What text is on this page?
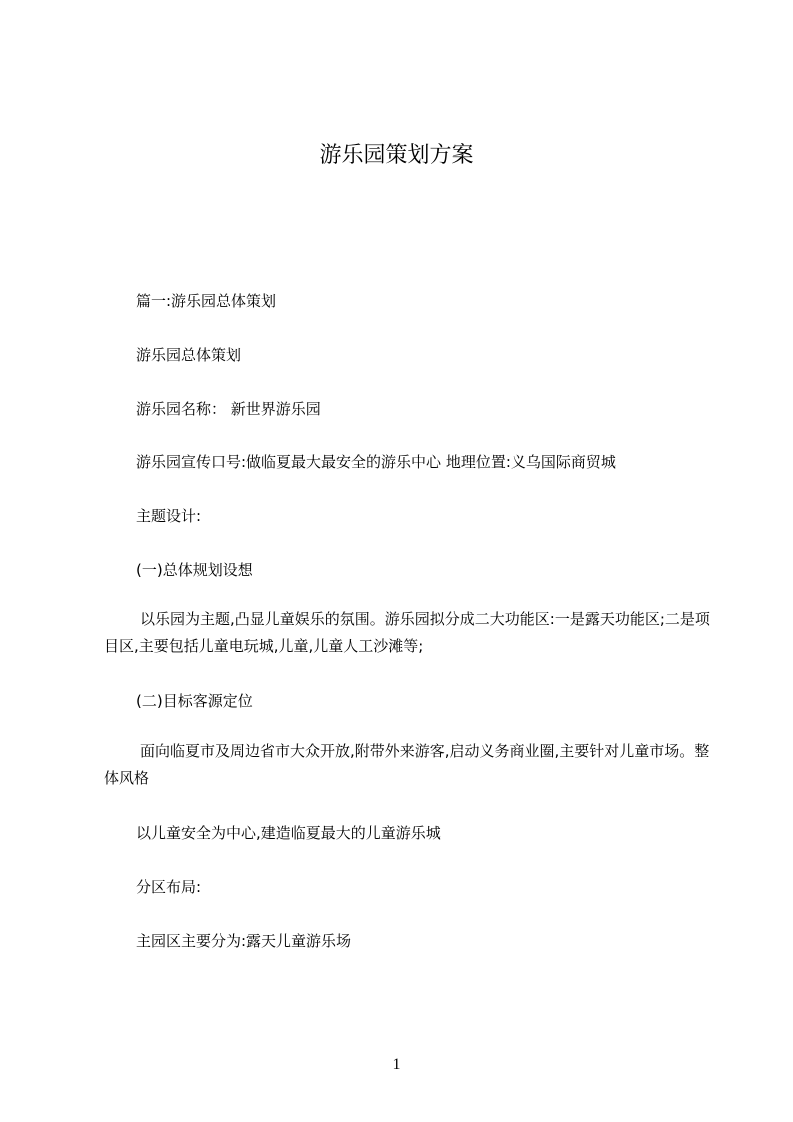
游乐园策划方案
篇一:游乐园总体策划
游乐园总体策划
游乐园名称： 新世界游乐园
游乐园宣传口号:做临夏最大最安全的游乐中心 地理位置:义乌国际商贸城
主题设计:
(一)总体规划设想
以乐园为主题,凸显儿童娱乐的氛围。游乐园拟分成二大功能区:一是露天功能区;二是项目区,主要包括儿童电玩城,儿童,儿童人工沙滩等;
(二)目标客源定位
面向临夏市及周边省市大众开放,附带外来游客,启动义务商业圈,主要针对儿童市场。整体风格
以儿童安全为中心,建造临夏最大的儿童游乐城
分区布局:
主园区主要分为:露天儿童游乐场
1
